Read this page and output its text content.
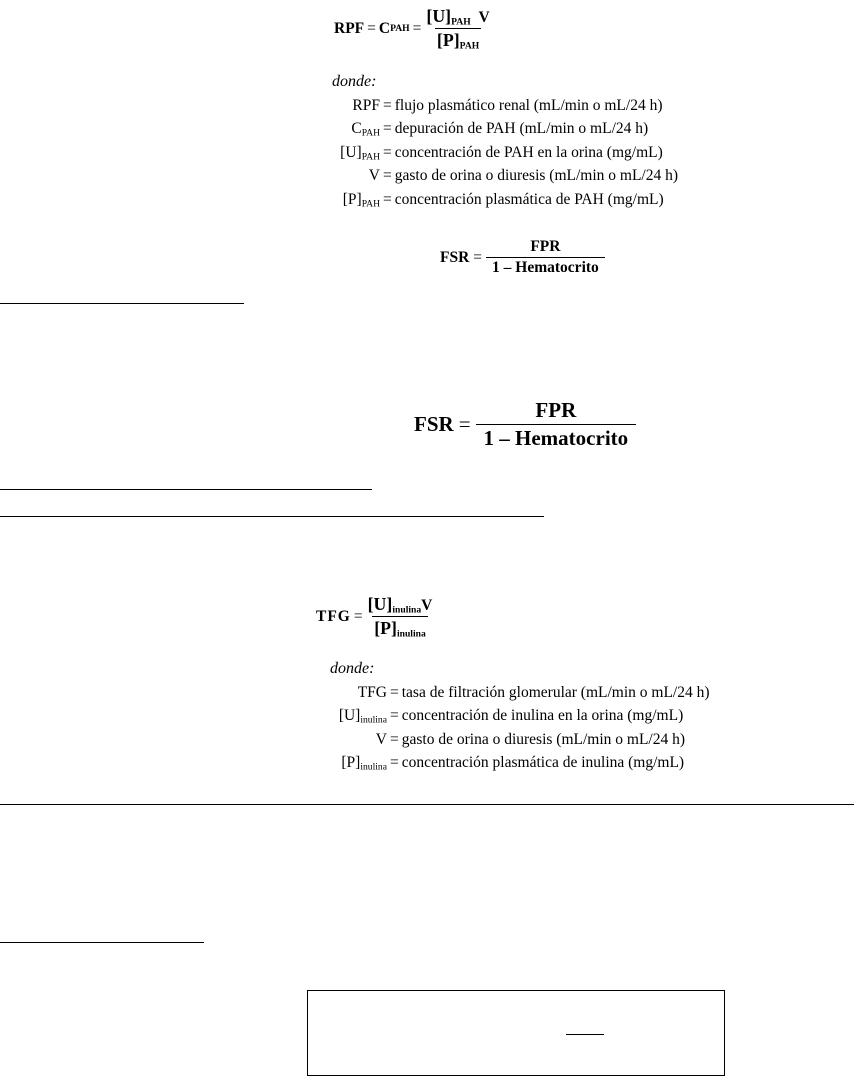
RPF = C PAH = $\frac{[U]_{PAH} V}{[P]_{PAH}}$
donde:
RPF = flujo plasmático renal (mL/min o mL/24 h)
$C_{PAH}$ = depuración de PAH (mL/min o mL/24 h)
$[U]_{PAH}$ = concentración de PAH en la orina (mg/mL)
V = gasto de orina o diuresis (mL/min o mL/24 h)
$[P]_{PAH}$ = concentración plasmática de PAH (mg/mL)
FSR = $\frac{\text{FPR}}{\text{1 – Hematocrito}}$
FSR = $\frac{\text{FPR}}{\text{1 – Hematocrito}}$
TFG = $\frac{[U]_{inulina}V}{[P]_{inulina}}$
donde:
TFG = tasa de filtración glomerular (mL/min o mL/24 h)
$[U]_{inulina}$ = concentración de inulina en la orina (mg/mL)
V = gasto de orina o diuresis (mL/min o mL/24 h)
$[P]_{inulina}$ = concentración plasmática de inulina (mg/mL)
